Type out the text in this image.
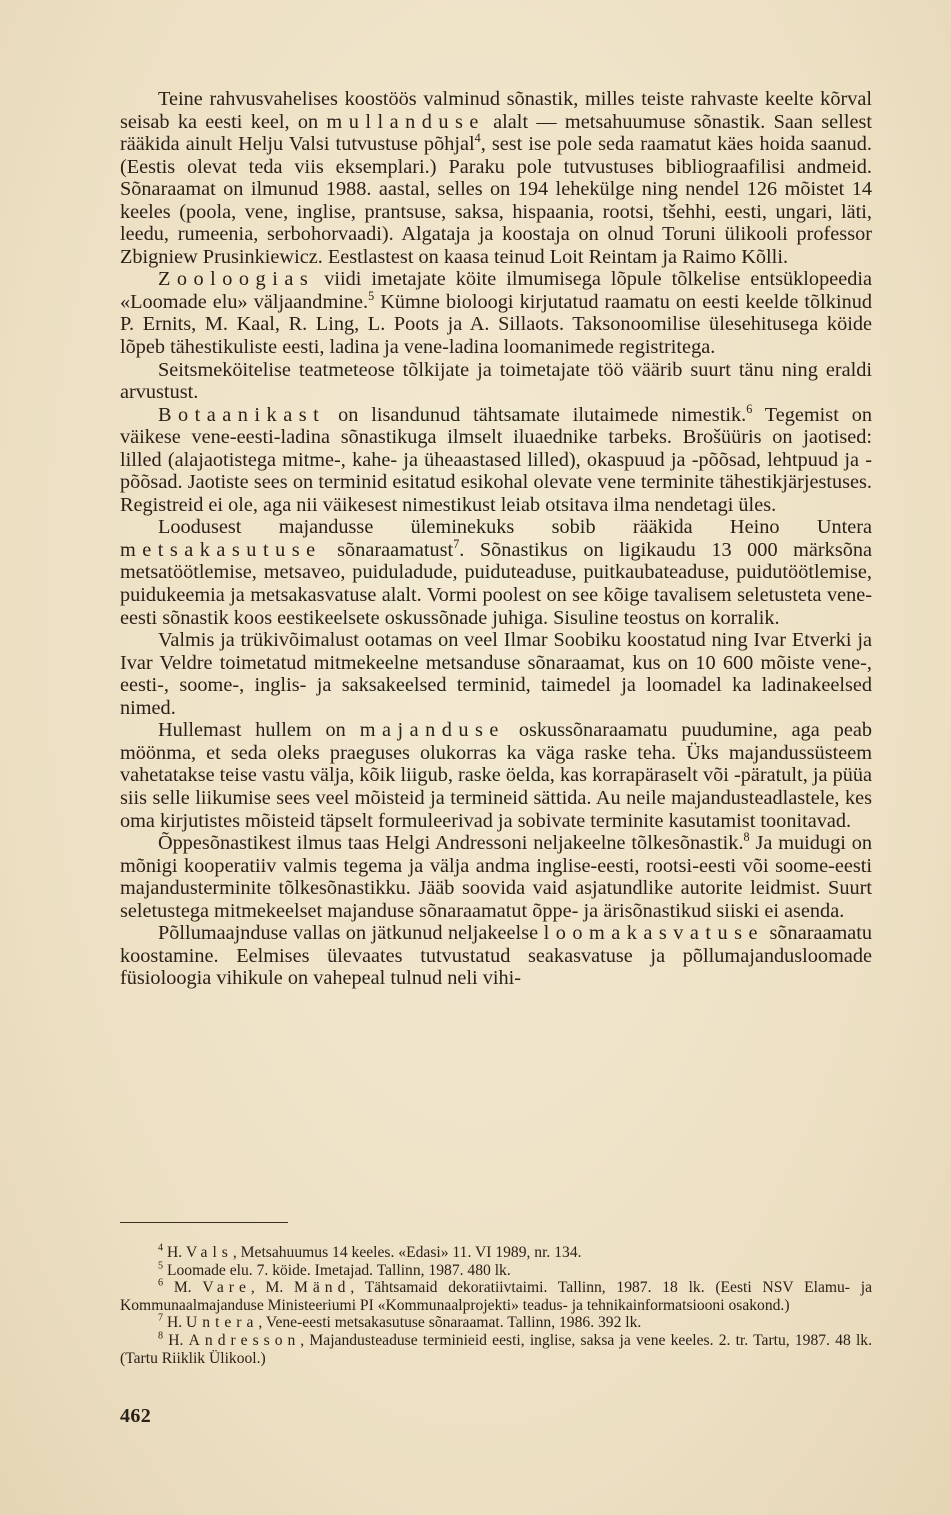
Teine rahvusvahelises koostöös valminud sõnastik, milles teiste rahvaste keelte kõrval seisab ka eesti keel, on mullanduse alalt — metsahuumuse sõnastik. Saan sellest rääkida ainult Helju Valsi tutvustuse põhjal$^4$, sest ise pole seda raamatut käes hoida saanud. (Eestis olevat teda viis eksemplari.) Paraku pole tutvustuses bibliograafilisi andmeid. Sõnaraamat on ilmunud 1988. aastal, selles on 194 lehekülge ning nendel 126 mõistet 14 keeles (poola, vene, inglise, prantsuse, saksa, hispaania, rootsi, tšehhi, eesti, ungari, läti, leedu, rumeenia, serbohorvaadi). Algataja ja koostaja on olnud Toruni ülikooli professor Zbigniew Prusinkiewicz. Eestlastest on kaasa teinud Loit Reintam ja Raimo Kõlli.

Zooloogias viidi imetajate köite ilmumisega lõpule tõlkelise entsüklopeedia «Loomade elu» väljaandmine.$^5$ Kümne bioloogi kirjutatud raamatu on eesti keelde tõlkinud P. Ernits, M. Kaal, R. Ling, L. Poots ja A. Sillaots. Taksonoomilise ülesehitusega köide lõpeb tähestikuliste eesti, ladina ja vene-ladina loomanimede registritega.

Seitsmeköitelise teatmeteose tõlkijate ja toimetajate töö väärib suurt tänu ning eraldi arvustust.

Botaanikast on lisandunud tähtsamate ilutaimede nimestik.$^6$ Tegemist on väikese vene-eesti-ladina sõnastikuga ilmselt iluaednike tarbeks. Brošüüris on jaotised: lilled (alajaotistega mitme-, kahe- ja üheaastased lilled), okaspuud ja -põõsad, lehtpuud ja -põõsad. Jaotiste sees on terminid esitatud esikohal olevate vene terminite tähestikjärjestuses. Registreid ei ole, aga nii väikesest nimestikust leiab otsitava ilma nendetagi üles.

Loodusest majandusse üleminekuks sobib rääkida Heino Untera metsakasutuse sõnaraamatust$^7$. Sõnastikus on ligikaudu 13 000 märksõna metsatöötlemise, metsaveo, puiduladude, puiduteaduse, puitkaubateaduse, puidutöötlemise, puidukeemia ja metsakasvatuse alalt. Vormi poolest on see kõige tavalisem seletusteta vene-eesti sõnastik koos eestikeelsete oskussõnade juhiga. Sisuline teostus on korralik.

Valmis ja trükivõimalust ootamas on veel Ilmar Soobiku koostatud ning Ivar Etverki ja Ivar Veldre toimetatud mitmekeelne metsanduse sõnaraamat, kus on 10 600 mõiste vene-, eesti-, soome-, inglis- ja saksakeelsed terminid, taimedel ja loomadel ka ladinakeelsed nimed.

Hullemast hullem on majanduse oskussõnaraamatu puudumine, aga peab möönma, et seda oleks praeguses olukorras ka väga raske teha. Üks majandussüsteem vahetatakse teise vastu välja, kõik liigub, raske öelda, kas korrapäraselt või -päratult, ja püüa siis selle liikumise sees veel mõisteid ja termineid sättida. Au neile majandusteadlastele, kes oma kirjutistes mõisteid täpselt formuleerivad ja sobivate terminite kasutamist toonitavad.

Õppesõnastikest ilmus taas Helgi Andressoni neljakeelne tõlkesõnastik.$^8$ Ja muidugi on mõnigi kooperatiiv valmis tegema ja välja andma inglise-eesti, rootsi-eesti või soome-eesti majandusterminite tõlkesõnastikku. Jääb soovida vaid asjatundlike autorite leidmist. Suurt seletustega mitmekeelset majanduse sõnaraamatut õppe- ja ärisõnastikud siiski ei asenda.

Põllumaajnduse vallas on jätkunud neljakeelse loomakasvatuse sõnaraamatu koostamine. Eelmises ülevaates tutvustatud seakasvatuse ja põllumajandusloomade füsioloogia vihikule on vahepeal tulnud neli vihi-

$^4$ H. Vals, Metsahuumus 14 keeles. «Edasi» 11. VI 1989, nr. 134.

$^5$ Loomade elu. 7. köide. Imetajad. Tallinn, 1987. 480 lk.

$^6$ M. Vare, M. Mänd, Tähtsamaid dekoratiivtaimi. Tallinn, 1987. 18 lk. (Eesti NSV Elamu- ja Kommunaalmajanduse Ministeeriumi PI «Kommunaalprojekti» teadus- ja tehnikainformatsiooni osakond.)

$^7$ H. Untera, Vene-eesti metsakasutuse sõnaraamat. Tallinn, 1986. 392 lk.

$^8$ H. Andresson, Majandusteaduse terminieid eesti, inglise, saksa ja vene keeles. 2. tr. Tartu, 1987. 48 lk. (Tartu Riiklik Ülikool.)

462
